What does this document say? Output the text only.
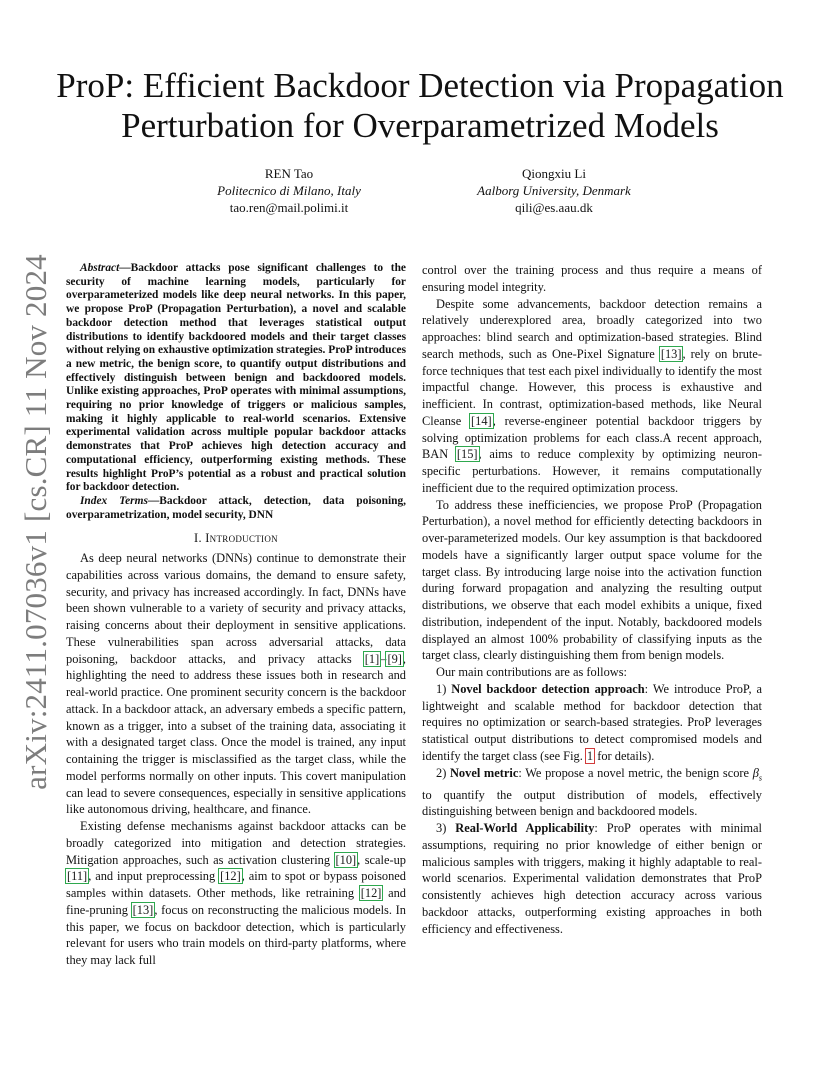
arXiv:2411.07036v1 [cs.CR] 11 Nov 2024
ProP: Efficient Backdoor Detection via Propagation
Perturbation for Overparametrized Models
REN Tao
Politecnico di Milano, Italy
tao.ren@mail.polimi.it
Qiongxiu Li
Aalborg University, Denmark
qili@es.aau.dk

Abstract—Backdoor attacks pose significant challenges to the security of machine learning models, particularly for overparameterized models like deep neural networks. In this paper, we propose ProP (Propagation Perturbation), a novel and scalable backdoor detection method that leverages statistical output distributions to identify backdoored models and their target classes without relying on exhaustive optimization strategies. ProP introduces a new metric, the benign score, to quantify output distributions and effectively distinguish between benign and backdoored models. Unlike existing approaches, ProP operates with minimal assumptions, requiring no prior knowledge of triggers or malicious samples, making it highly applicable to real-world scenarios. Extensive experimental validation across multiple popular backdoor attacks demonstrates that ProP achieves high detection accuracy and computational efficiency, outperforming existing methods. These results highlight ProP’s potential as a robust and practical solution for backdoor detection.

Index Terms—Backdoor attack, detection, data poisoning, overparametrization, model security, DNN

I. Introduction

As deep neural networks (DNNs) continue to demonstrate their capabilities across various domains, the demand to ensure safety, security, and privacy has increased accordingly. In fact, DNNs have been shown vulnerable to a variety of security and privacy attacks, raising concerns about their deployment in sensitive applications. These vulnerabilities span across adversarial attacks, data poisoning, backdoor attacks, and privacy attacks [1]–[9], highlighting the need to address these issues both in research and real-world practice. One prominent security concern is the backdoor attack. In a backdoor attack, an adversary embeds a specific pattern, known as a trigger, into a subset of the training data, associating it with a designated target class. Once the model is trained, any input containing the trigger is misclassified as the target class, while the model performs normally on other inputs. This covert manipulation can lead to severe consequences, especially in sensitive applications like autonomous driving, healthcare, and finance.

Existing defense mechanisms against backdoor attacks can be broadly categorized into mitigation and detection strategies. Mitigation approaches, such as activation clustering [10], scale-up [11], and input preprocessing [12], aim to spot or bypass poisoned samples within datasets. Other methods, like retraining [12] and fine-pruning [13], focus on reconstructing the malicious models. In this paper, we focus on backdoor detection, which is particularly relevant for users who train models on third-party platforms, where they may lack full

control over the training process and thus require a means of ensuring model integrity.

Despite some advancements, backdoor detection remains a relatively underexplored area, broadly categorized into two approaches: blind search and optimization-based strategies. Blind search methods, such as One-Pixel Signature [13], rely on brute-force techniques that test each pixel individually to identify the most impactful change. However, this process is exhaustive and inefficient. In contrast, optimization-based methods, like Neural Cleanse [14], reverse-engineer potential backdoor triggers by solving optimization problems for each class.A recent approach, BAN [15], aims to reduce complexity by optimizing neuron-specific perturbations. However, it remains computationally inefficient due to the required optimization process.

To address these inefficiencies, we propose ProP (Propagation Perturbation), a novel method for efficiently detecting backdoors in over-parameterized models. Our key assumption is that backdoored models have a significantly larger output space volume for the target class. By introducing large noise into the activation function during forward propagation and analyzing the resulting output distributions, we observe that each model exhibits a unique, fixed distribution, independent of the input. Notably, backdoored models displayed an almost 100% probability of classifying inputs as the target class, clearly distinguishing them from benign models.

Our main contributions are as follows:

1) Novel backdoor detection approach: We introduce ProP, a lightweight and scalable method for backdoor detection that requires no optimization or search-based strategies. ProP leverages statistical output distributions to detect compromised models and identify the target class (see Fig. 1 for details).

2) Novel metric: We propose a novel metric, the benign score $\beta_s$ to quantify the output distribution of models, effectively distinguishing between benign and backdoored models.

3) Real-World Applicability: ProP operates with minimal assumptions, requiring no prior knowledge of either benign or malicious samples with triggers, making it highly adaptable to real-world scenarios. Experimental validation demonstrates that ProP consistently achieves high detection accuracy across various backdoor attacks, outperforming existing approaches in both efficiency and effectiveness.
